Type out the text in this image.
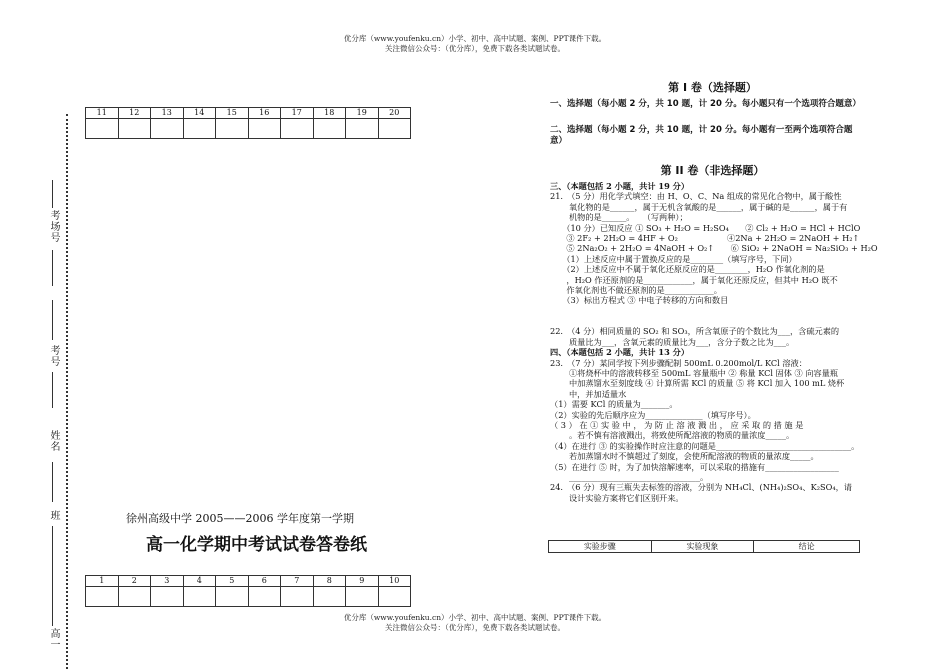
优分库（www.youfenku.cn）小学、初中、高中试题、案例、PPT课件下载。
关注微信公众号：（优分库），免费下载各类试题试卷。
考场号
考号
姓名
班
高一
11	12	13	14	15	16	17	18	19	20

徐州高级中学 2005——2006 学年度第一学期
高一化学期中考试试卷答卷纸
1	2	3	4	5	6	7	8	9	10

第 I 卷（选择题）
一、选择题（每小题 2 分，共 10 题，计 20 分。每小题只有一个选项符合题意）
二、选择题（每小题 2 分，共 10 题，计 20 分。每小题有一至两个选项符合题
意）
第 II 卷（非选择题）
三、（本题包括 2 小题，共计 19 分）
21.　（5 分）用化学式填空：由 H、O、C、Na 组成的常见化合物中，属于酸性
　　 氧化物的是______，属于无机含氧酸的是______，属于碱的是______，属于有
　　 机物的是______。　　（写两种）；
　　（10 分）已知反应 ① SO₃ + H₂O = H₂SO₄　　② Cl₂ + H₂O = HCl + HClO
　　③ 2F₂ + 2H₂O = 4HF + O₂　　　　　　④2Na + 2H₂O = 2NaOH + H₂↑
　　⑤ 2Na₂O₂ + 2H₂O = 4NaOH + O₂↑　　⑥ SiO₂ + 2NaOH = Na₂SiO₃ + H₂O
　　（1）上述反应中属于置换反应的是________（填写序号，下同）
　　（2）上述反应中不属于氧化还原反应的是________，H₂O 作氧化剂的是
　　，H₂O 作还原剂的是____________，属于氧化还原反应，但其中 H₂O 既不
　　作氧化剂也不做还原剂的是____________。
　　（3）标出方程式 ③ 中电子转移的方向和数目
22.　（4 分）相同质量的 SO₂ 和 SO₃，所含氧原子的个数比为___，含硫元素的
　　 质量比为___，含氧元素的质量比为___，含分子数之比为___。
四、（本题包括 2 小题，共计 13 分）
23.　（7 分）某同学按下列步骤配制 500mL 0.200mol/L KCl 溶液：
　　 ①将烧杯中的溶液转移至 500mL 容量瓶中 ② 称量 KCl 固体 ③ 向容量瓶
　　 中加蒸馏水至刻度线 ④ 计算所需 KCl 的质量 ⑤ 将 KCl 加入 100 mL 烧杯
　　 中，并加适量水
（1）需要 KCl 的质量为_______。
（2）实验的先后顺序应为______________（填写序号）。
（ 3 ） 在 ① 实 验 中 ， 为 防 止 溶 液 溅 出 ， 应 采 取 的 措 施 是
　　 。若不慎有溶液溅出，将致使所配溶液的物质的量浓度_____。
（4）在进行 ③ 的实验操作时应注意的问题是_________________________________。
　　 若加蒸馏水时不慎超过了刻度，会使所配溶液的物质的量浓度_____。
（5）在进行 ⑤ 时，为了加快溶解速率，可以采取的措施有__________________
　　 ________________________________。
24.　（6 分）现有三瓶失去标签的溶液，分别为 NH₄Cl、(NH₄)₂SO₄、K₂SO₄，请
　　 设计实验方案将它们区别开来。
实验步骤	实验现象	结论
优分库（www.youfenku.cn）小学、初中、高中试题、案例、PPT课件下载。
关注微信公众号：（优分库），免费下载各类试题试卷。
